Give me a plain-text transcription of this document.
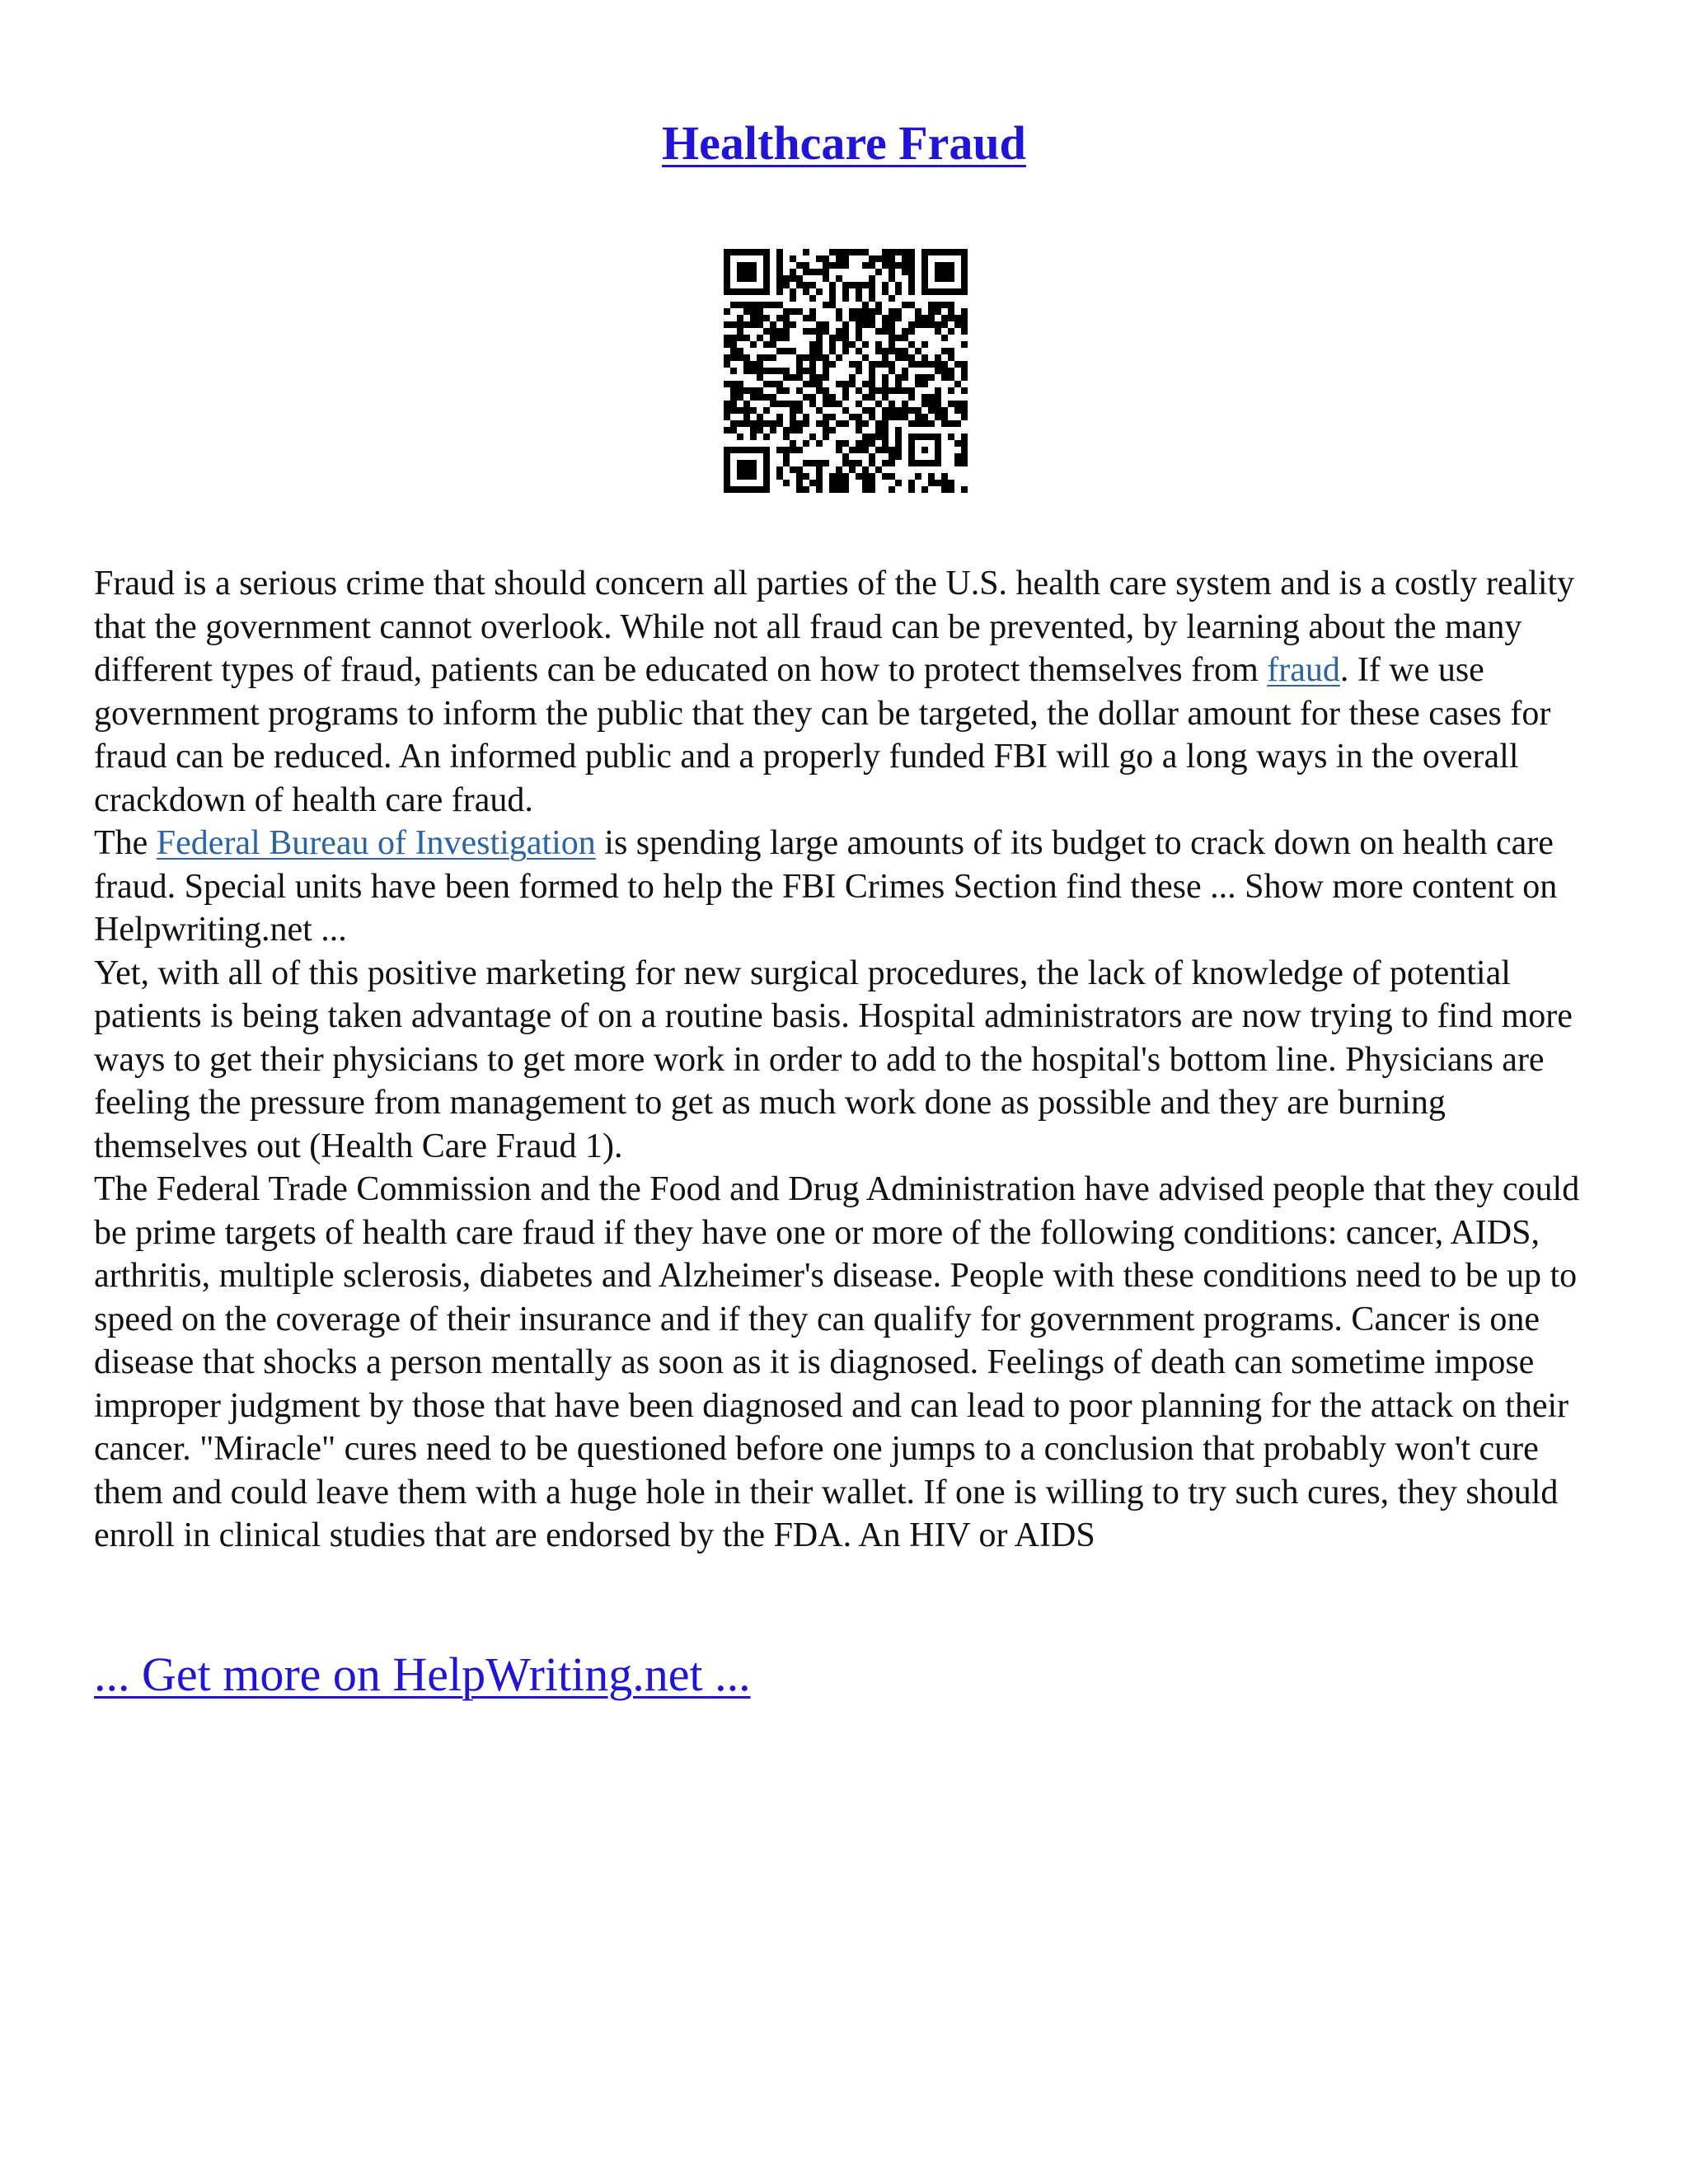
Healthcare Fraud

Fraud is a serious crime that should concern all parties of the U.S. health care system and is a costly reality that the government cannot overlook. While not all fraud can be prevented, by learning about the many different types of fraud, patients can be educated on how to protect themselves from fraud. If we use government programs to inform the public that they can be targeted, the dollar amount for these cases for fraud can be reduced. An informed public and a properly funded FBI will go a long ways in the overall crackdown of health care fraud.

The Federal Bureau of Investigation is spending large amounts of its budget to crack down on health care fraud. Special units have been formed to help the FBI Crimes Section find these ... Show more content on Helpwriting.net ...

Yet, with all of this positive marketing for new surgical procedures, the lack of knowledge of potential patients is being taken advantage of on a routine basis. Hospital administrators are now trying to find more ways to get their physicians to get more work in order to add to the hospital's bottom line. Physicians are feeling the pressure from management to get as much work done as possible and they are burning themselves out (Health Care Fraud 1).

The Federal Trade Commission and the Food and Drug Administration have advised people that they could be prime targets of health care fraud if they have one or more of the following conditions: cancer, AIDS, arthritis, multiple sclerosis, diabetes and Alzheimer's disease. People with these conditions need to be up to speed on the coverage of their insurance and if they can qualify for government programs. Cancer is one disease that shocks a person mentally as soon as it is diagnosed. Feelings of death can sometime impose improper judgment by those that have been diagnosed and can lead to poor planning for the attack on their cancer. "Miracle" cures need to be questioned before one jumps to a conclusion that probably won't cure them and could leave them with a huge hole in their wallet. If one is willing to try such cures, they should enroll in clinical studies that are endorsed by the FDA. An HIV or AIDS

... Get more on HelpWriting.net ...
